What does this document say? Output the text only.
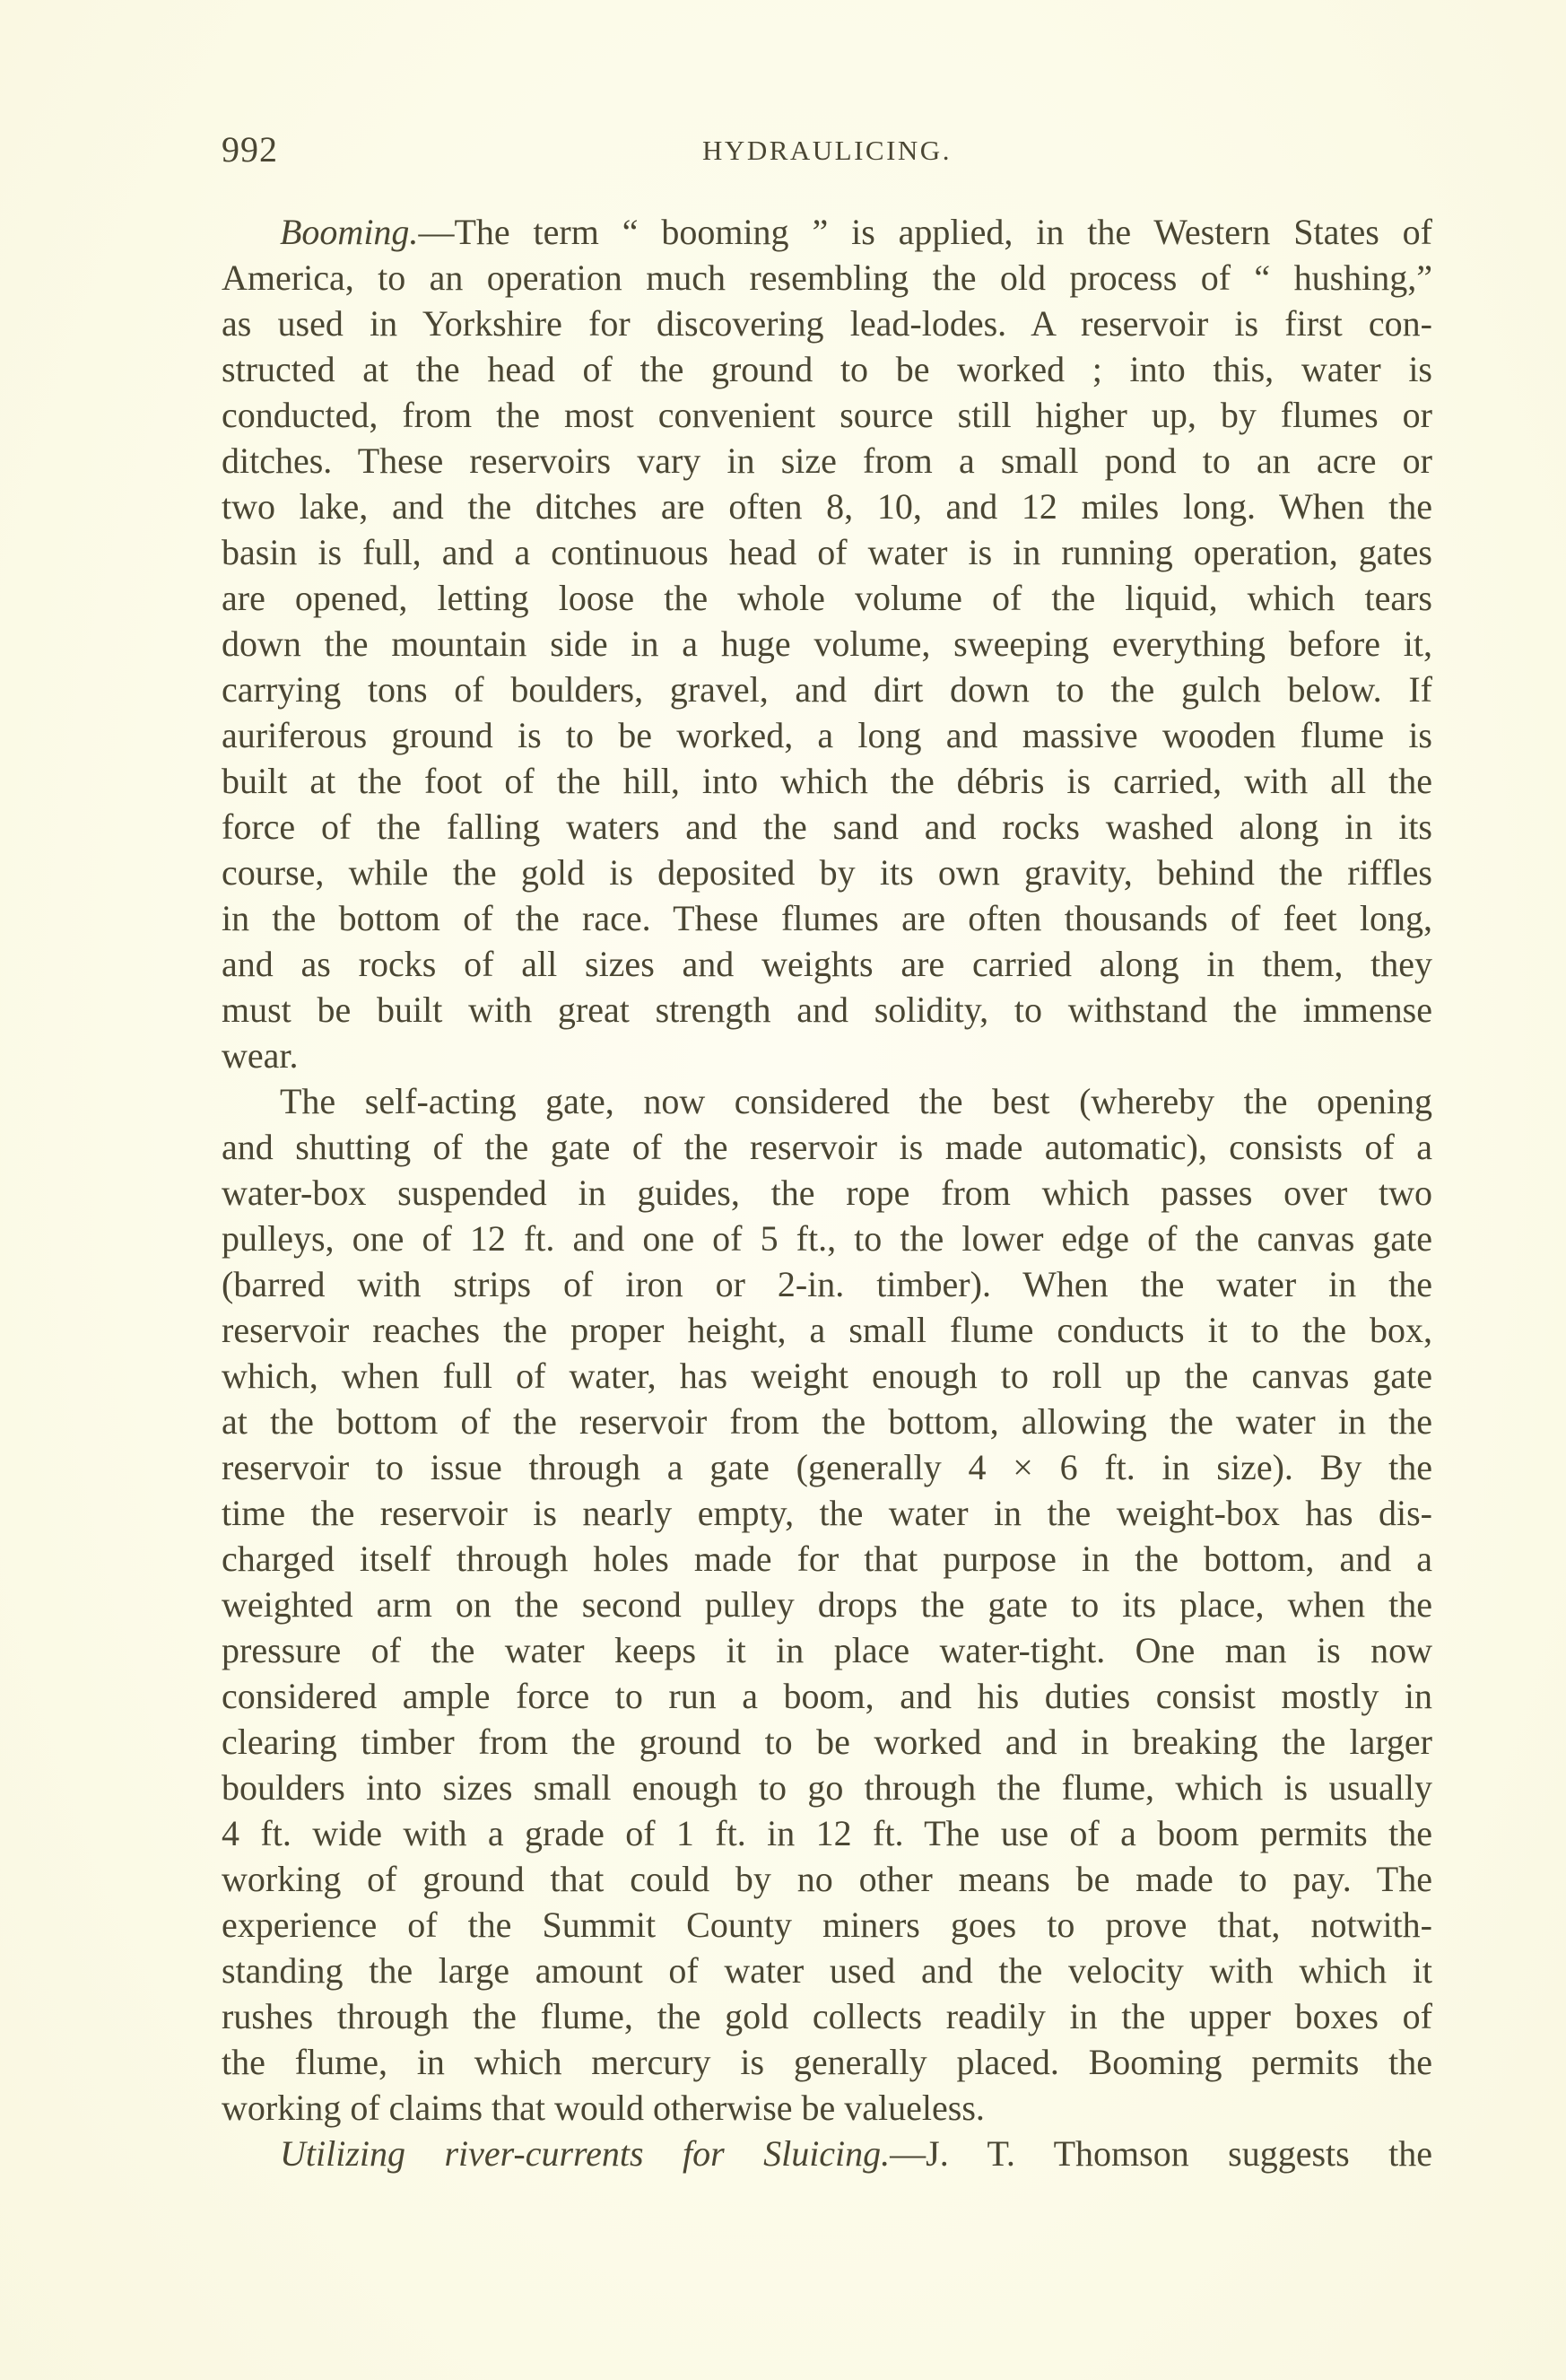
992	HYDRAULICING.
Booming.—The term “ booming ” is applied, in the Western States of
America, to an operation much resembling the old process of “ hushing,”
as used in Yorkshire for discovering lead-lodes. A reservoir is first con-
structed at the head of the ground to be worked ; into this, water is
conducted, from the most convenient source still higher up, by flumes or
ditches. These reservoirs vary in size from a small pond to an acre or
two lake, and the ditches are often 8, 10, and 12 miles long. When the
basin is full, and a continuous head of water is in running operation, gates
are opened, letting loose the whole volume of the liquid, which tears
down the mountain side in a huge volume, sweeping everything before it,
carrying tons of boulders, gravel, and dirt down to the gulch below. If
auriferous ground is to be worked, a long and massive wooden flume is
built at the foot of the hill, into which the débris is carried, with all the
force of the falling waters and the sand and rocks washed along in its
course, while the gold is deposited by its own gravity, behind the riffles
in the bottom of the race. These flumes are often thousands of feet long,
and as rocks of all sizes and weights are carried along in them, they
must be built with great strength and solidity, to withstand the immense
wear.
The self-acting gate, now considered the best (whereby the opening
and shutting of the gate of the reservoir is made automatic), consists of a
water-box suspended in guides, the rope from which passes over two
pulleys, one of 12 ft. and one of 5 ft., to the lower edge of the canvas gate
(barred with strips of iron or 2-in. timber). When the water in the
reservoir reaches the proper height, a small flume conducts it to the box,
which, when full of water, has weight enough to roll up the canvas gate
at the bottom of the reservoir from the bottom, allowing the water in the
reservoir to issue through a gate (generally 4 × 6 ft. in size). By the
time the reservoir is nearly empty, the water in the weight-box has dis-
charged itself through holes made for that purpose in the bottom, and a
weighted arm on the second pulley drops the gate to its place, when the
pressure of the water keeps it in place water-tight. One man is now
considered ample force to run a boom, and his duties consist mostly in
clearing timber from the ground to be worked and in breaking the larger
boulders into sizes small enough to go through the flume, which is usually
4 ft. wide with a grade of 1 ft. in 12 ft. The use of a boom permits the
working of ground that could by no other means be made to pay. The
experience of the Summit County miners goes to prove that, notwith-
standing the large amount of water used and the velocity with which it
rushes through the flume, the gold collects readily in the upper boxes of
the flume, in which mercury is generally placed. Booming permits the
working of claims that would otherwise be valueless.
Utilizing river-currents for Sluicing.—J. T. Thomson suggests the
